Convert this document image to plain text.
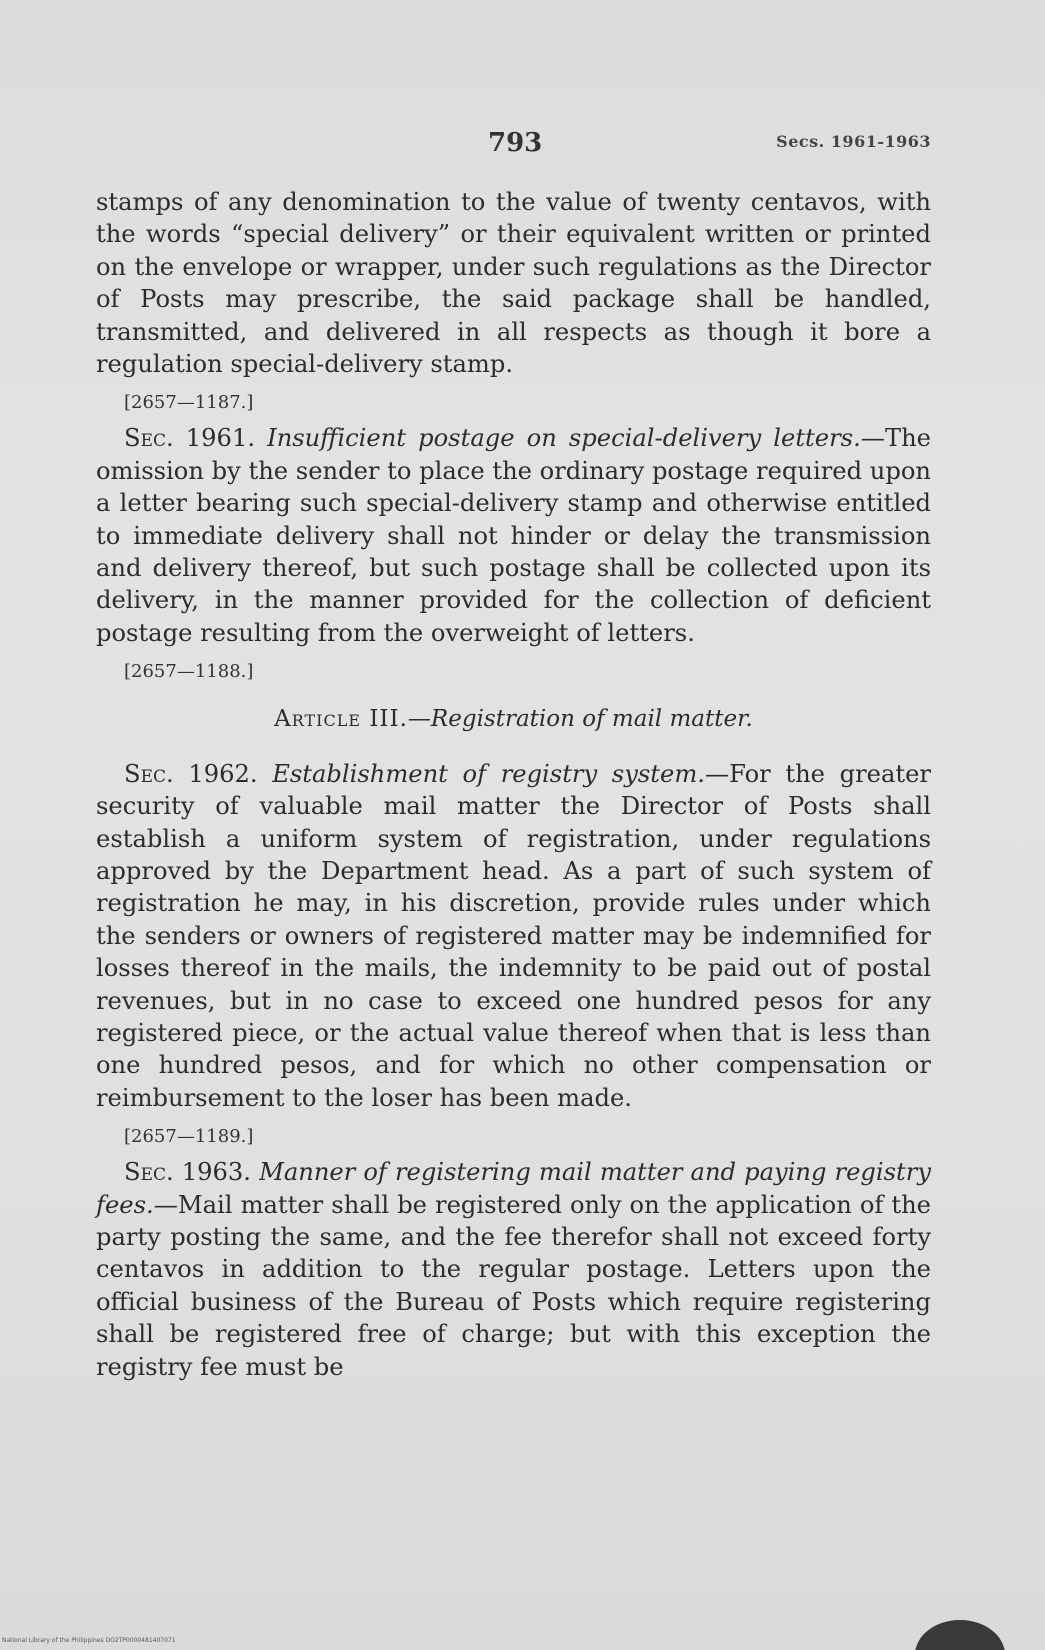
793	Secs. 1961-1963

stamps of any denomination to the value of twenty centavos, with the words “special delivery” or their equivalent written or printed on the envelope or wrapper, under such regulations as the Director of Posts may prescribe, the said package shall be handled, transmitted, and delivered in all respects as though it bore a regulation special-delivery stamp.

[2657—1187.]

Sec. 1961. Insufficient postage on special-delivery letters.—The omission by the sender to place the ordinary postage required upon a letter bearing such special-delivery stamp and otherwise entitled to immediate delivery shall not hinder or delay the transmission and delivery thereof, but such postage shall be collected upon its delivery, in the manner provided for the collection of deficient postage resulting from the overweight of letters.

[2657—1188.]

Article III.—Registration of mail matter.

Sec. 1962. Establishment of registry system.—For the greater security of valuable mail matter the Director of Posts shall establish a uniform system of registration, under regulations approved by the Department head. As a part of such system of registration he may, in his discretion, provide rules under which the senders or owners of registered matter may be indemnified for losses thereof in the mails, the indemnity to be paid out of postal revenues, but in no case to exceed one hundred pesos for any registered piece, or the actual value thereof when that is less than one hundred pesos, and for which no other compensation or reimbursement to the loser has been made.

[2657—1189.]

Sec. 1963. Manner of registering mail matter and paying registry fees.—Mail matter shall be registered only on the application of the party posting the same, and the fee therefor shall not exceed forty centavos in addition to the regular postage. Letters upon the official business of the Bureau of Posts which require registering shall be registered free of charge; but with this exception the registry fee must be

National Library of the Philippines DO2TP0000481407071
